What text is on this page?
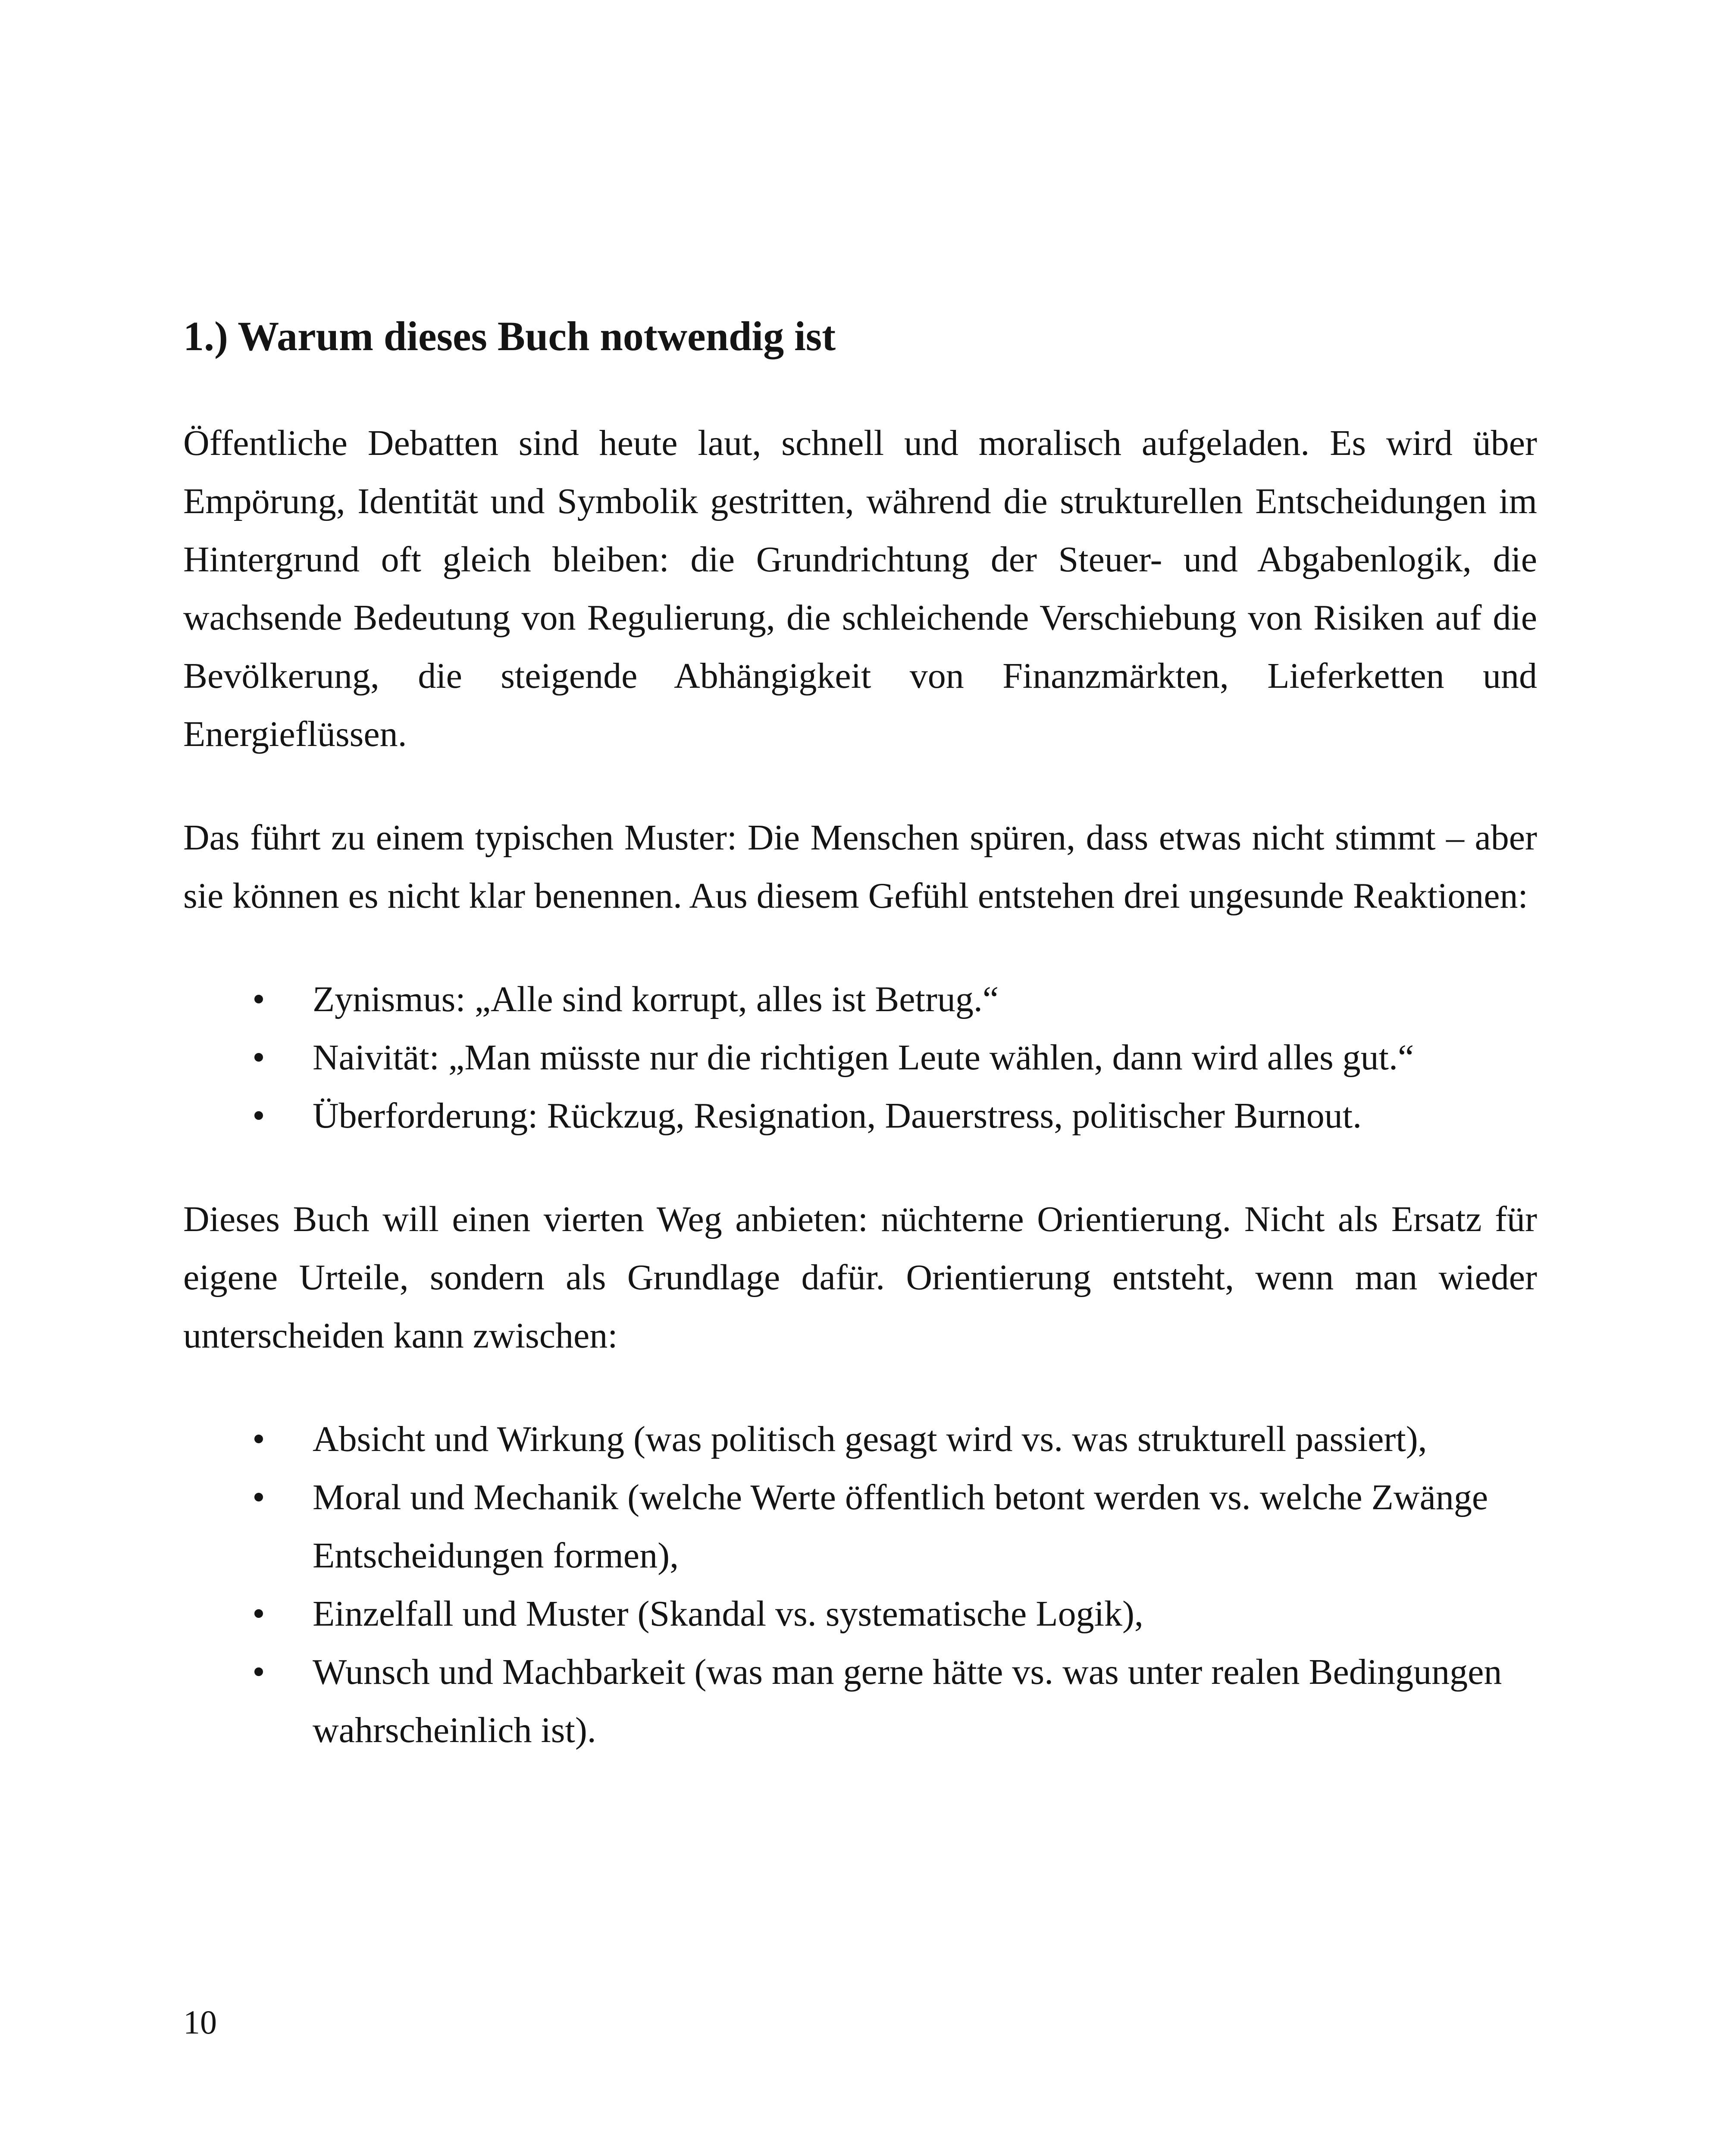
1.) Warum dieses Buch notwendig ist

Öffentliche Debatten sind heute laut, schnell und moralisch aufgeladen. Es wird über Empörung, Identität und Symbolik gestritten, während die strukturellen Entscheidungen im Hintergrund oft gleich bleiben: die Grundrichtung der Steuer- und Abgabenlogik, die wachsende Bedeutung von Regulierung, die schleichende Verschiebung von Risiken auf die Bevölkerung, die steigende Abhängigkeit von Finanzmärkten, Lieferketten und Energieflüssen.

Das führt zu einem typischen Muster: Die Menschen spüren, dass etwas nicht stimmt – aber sie können es nicht klar benennen. Aus diesem Gefühl entstehen drei ungesunde Reaktionen:

• Zynismus: „Alle sind korrupt, alles ist Betrug.“
• Naivität: „Man müsste nur die richtigen Leute wählen, dann wird alles gut.“
• Überforderung: Rückzug, Resignation, Dauerstress, politischer Burnout.

Dieses Buch will einen vierten Weg anbieten: nüchterne Orientierung. Nicht als Ersatz für eigene Urteile, sondern als Grundlage dafür. Orientierung entsteht, wenn man wieder unterscheiden kann zwischen:

• Absicht und Wirkung (was politisch gesagt wird vs. was strukturell passiert),
• Moral und Mechanik (welche Werte öffentlich betont werden vs. welche Zwänge Entscheidungen formen),
• Einzelfall und Muster (Skandal vs. systematische Logik),
• Wunsch und Machbarkeit (was man gerne hätte vs. was unter realen Bedingungen wahrscheinlich ist).
10
